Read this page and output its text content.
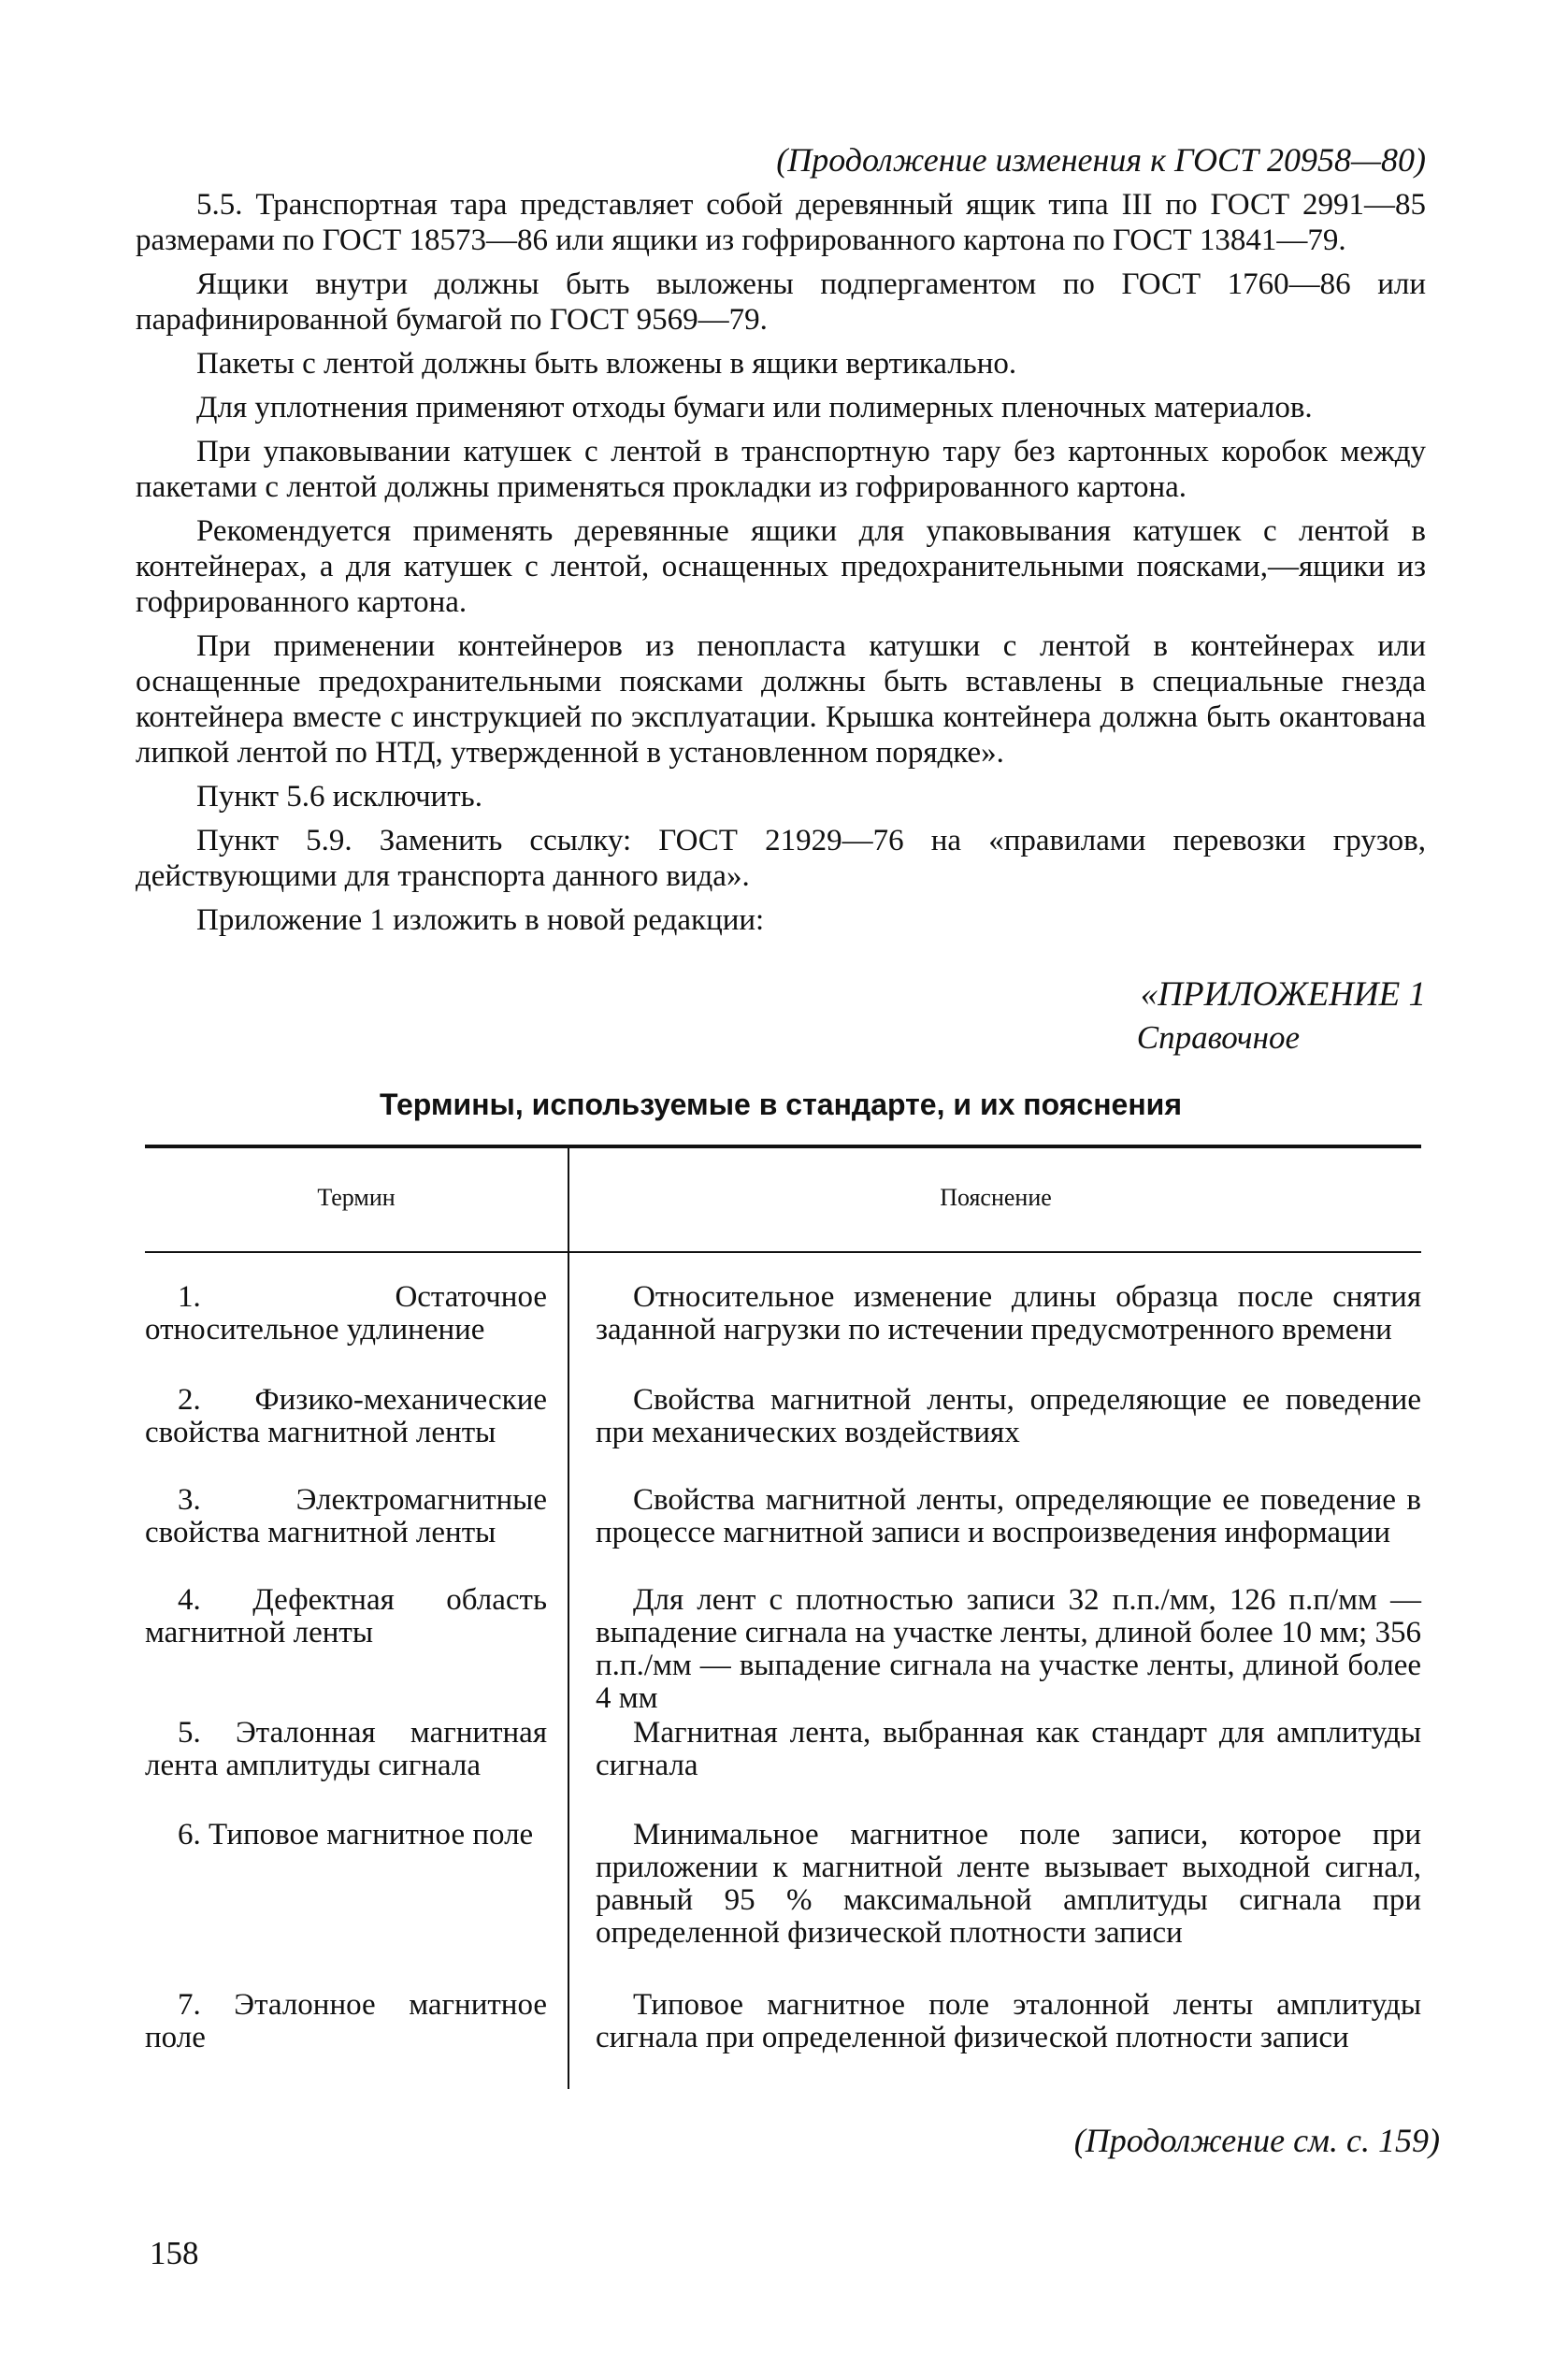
(Продолжение изменения к ГОСТ 20958—80)

5.5. Транспортная тара представляет собой деревянный ящик типа III по ГОСТ 2991—85 размерами по ГОСТ 18573—86 или ящики из гофрированного картона по ГОСТ 13841—79.

Ящики внутри должны быть выложены подпергаментом по ГОСТ 1760—86 или парафинированной бумагой по ГОСТ 9569—79.

Пакеты с лентой должны быть вложены в ящики вертикально.

Для уплотнения применяют отходы бумаги или полимерных пленочных материалов.

При упаковывании катушек с лентой в транспортную тару без картонных коробок между пакетами с лентой должны применяться прокладки из гофрированного картона.

Рекомендуется применять деревянные ящики для упаковывания катушек с лентой в контейнерах, а для катушек с лентой, оснащенных предохранительными поясками,—ящики из гофрированного картона.

При применении контейнеров из пенопласта катушки с лентой в контейнерах или оснащенные предохранительными поясками должны быть вставлены в специальные гнезда контейнера вместе с инструкцией по эксплуатации. Крышка контейнера должна быть окантована липкой лентой по НТД, утвержденной в установленном порядке».

Пункт 5.6 исключить.

Пункт 5.9. Заменить ссылку: ГОСТ 21929—76 на «правилами перевозки грузов, действующими для транспорта данного вида».

Приложение 1 изложить в новой редакции:

«ПРИЛОЖЕНИЕ 1
Справочное
Термины, используемые в стандарте, и их пояснения
Термин	Пояснение
1. Остаточное относительное удлинение
Относительное изменение длины образца после снятия заданной нагрузки по истечении предусмотренного времени
2. Физико-механические свойства магнитной ленты
Свойства магнитной ленты, определяющие ее поведение при механических воздействиях
3. Электромагнитные свойства магнитной ленты
Свойства магнитной ленты, определяющие ее поведение в процессе магнитной записи и воспроизведения информации
4. Дефектная область магнитной ленты
Для лент с плотностью записи 32 п.п./мм, 126 п.п/мм — выпадение сигнала на участке ленты, длиной более 10 мм; 356 п.п./мм — выпадение сигнала на участке ленты, длиной более 4 мм
5. Эталонная магнитная лента амплитуды сигнала
Магнитная лента, выбранная как стандарт для амплитуды сигнала
6. Типовое магнитное поле	Минимальное магнитное поле записи, которое при приложении к магнитной ленте вызывает выходной сигнал, равный 95 % максимальной амплитуды сигнала при определенной физической плотности записи
7. Эталонное магнитное поле
Типовое магнитное поле эталонной ленты амплитуды сигнала при определенной физической плотности записи
(Продолжение см. с. 159)
158
